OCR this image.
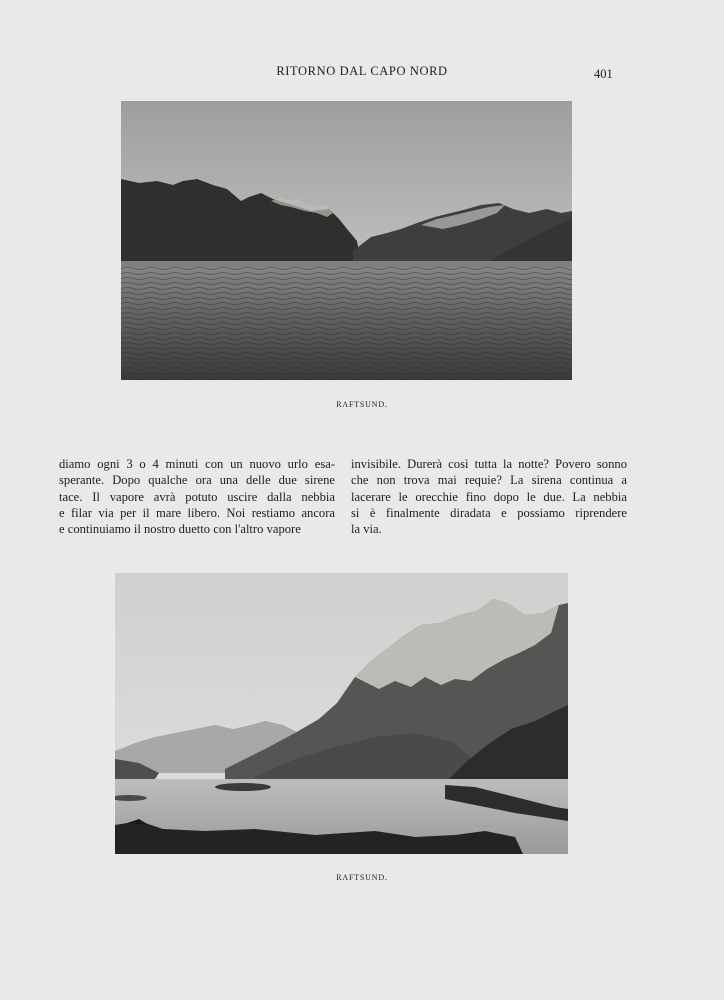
RITORNO DAL CAPO NORD	401
RAFTSUND.
diamo ogni 3 o 4 minuti con un nuovo urlo esa-
sperante. Dopo qualche ora una delle due sirene
tace. Il vapore avrà potuto uscire dalla nebbia
e filar via per il mare libero. Noi restiamo ancora
e continuiamo il nostro duetto con l'altro vapore
invisibile. Durerà così tutta la notte? Povero sonno
che non trova mai requie? La sirena continua a
lacerare le orecchie fino dopo le due. La nebbia
si è finalmente diradata e possiamo riprendere
la via.
RAFTSUND.
